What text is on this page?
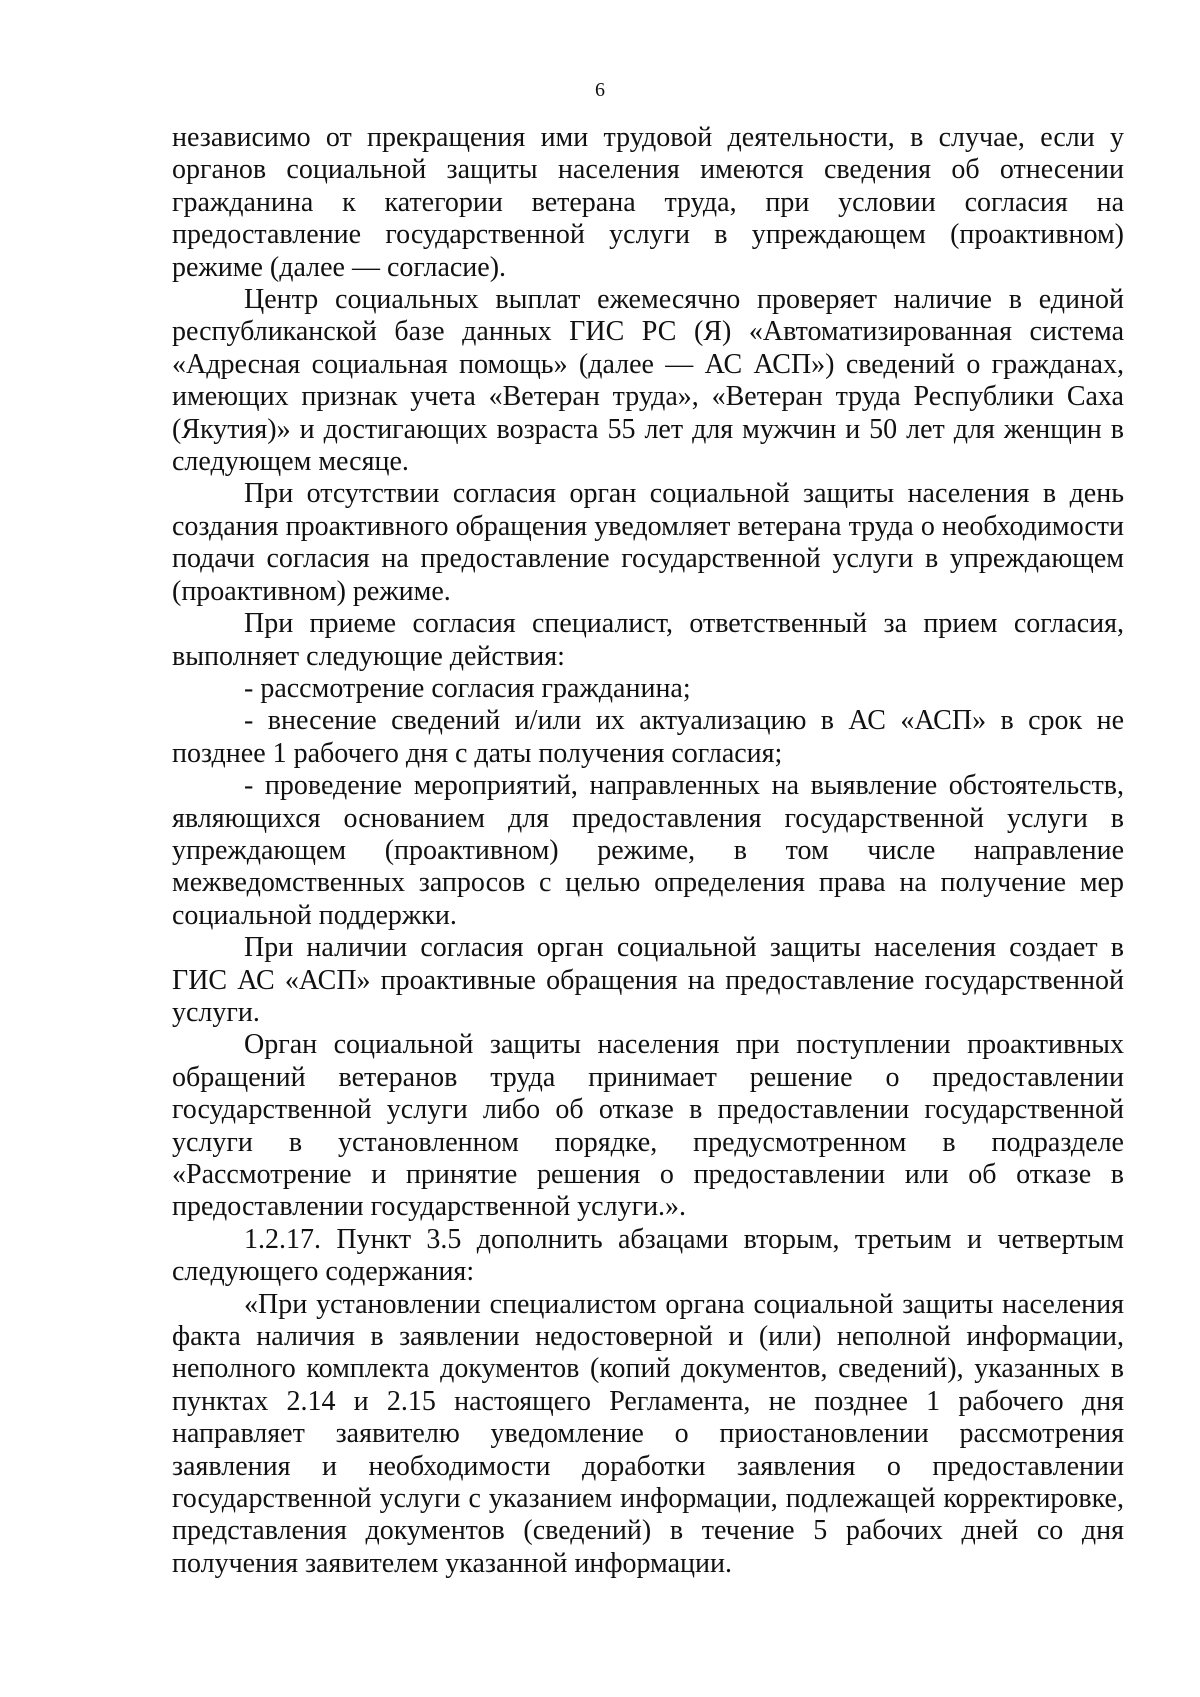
6

независимо от прекращения ими трудовой деятельности, в случае, если у органов социальной защиты населения имеются сведения об отнесении гражданина к категории ветерана труда, при условии согласия на предоставление государственной услуги в упреждающем (проактивном) режиме (далее — согласие).

Центр социальных выплат ежемесячно проверяет наличие в единой республиканской базе данных ГИС РС (Я) «Автоматизированная система «Адресная социальная помощь» (далее — АС АСП») сведений о гражданах, имеющих признак учета «Ветеран труда», «Ветеран труда Республики Саха (Якутия)» и достигающих возраста 55 лет для мужчин и 50 лет для женщин в следующем месяце.

При отсутствии согласия орган социальной защиты населения в день создания проактивного обращения уведомляет ветерана труда о необходимости подачи согласия на предоставление государственной услуги в упреждающем (проактивном) режиме.

При приеме согласия специалист, ответственный за прием согласия, выполняет следующие действия:

- рассмотрение согласия гражданина;

- внесение сведений и/или их актуализацию в АС «АСП» в срок не позднее 1 рабочего дня с даты получения согласия;

- проведение мероприятий, направленных на выявление обстоятельств, являющихся основанием для предоставления государственной услуги в упреждающем (проактивном) режиме, в том числе направление межведомственных запросов с целью определения права на получение мер социальной поддержки.

При наличии согласия орган социальной защиты населения создает в ГИС АС «АСП» проактивные обращения на предоставление государственной услуги.

Орган социальной защиты населения при поступлении проактивных обращений ветеранов труда принимает решение о предоставлении государственной услуги либо об отказе в предоставлении государственной услуги в установленном порядке, предусмотренном в подразделе «Рассмотрение и принятие решения о предоставлении или об отказе в предоставлении государственной услуги.».

1.2.17. Пункт 3.5 дополнить абзацами вторым, третьим и четвертым следующего содержания:

«При установлении специалистом органа социальной защиты населения факта наличия в заявлении недостоверной и (или) неполной информации, неполного комплекта документов (копий документов, сведений), указанных в пунктах 2.14 и 2.15 настоящего Регламента, не позднее 1 рабочего дня направляет заявителю уведомление о приостановлении рассмотрения заявления и необходимости доработки заявления о предоставлении государственной услуги с указанием информации, подлежащей корректировке, представления документов (сведений) в течение 5 рабочих дней со дня получения заявителем указанной информации.
